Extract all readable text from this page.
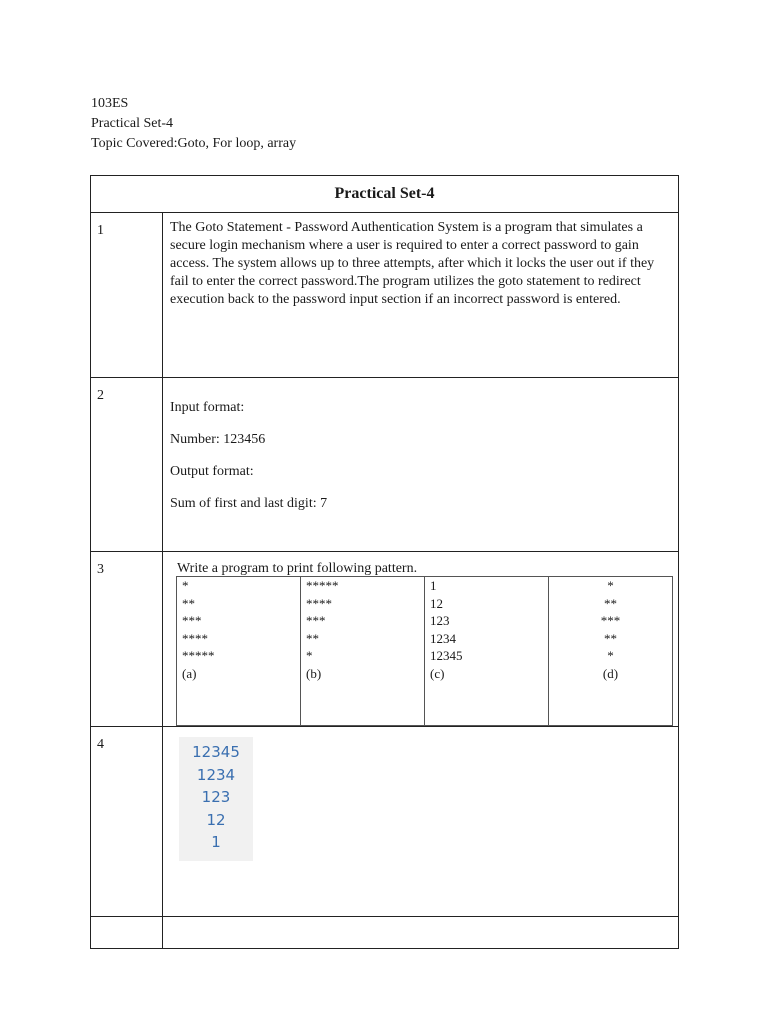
103ES
Practical Set-4
Topic Covered:Goto, For loop, array
Practical Set-4
1	The Goto Statement - Password Authentication System is a program that simulates a secure login mechanism where a user is required to enter a correct password to gain access. The system allows up to three attempts, after which it locks the user out if they fail to enter the correct password.The program utilizes the goto statement to redirect execution back to the password input section if an incorrect password is entered.
2	

Input format:

Number: 123456

Output format:

Sum of first and last digit: 7

3	Write a program to print following pattern.
*
**
***
****
*****
(a)

*****
****
***
**
*
(b)

1
12
123
1234
12345
(c)

*
**
***
**
*
(d)

4	12345
1234
123
12
1
